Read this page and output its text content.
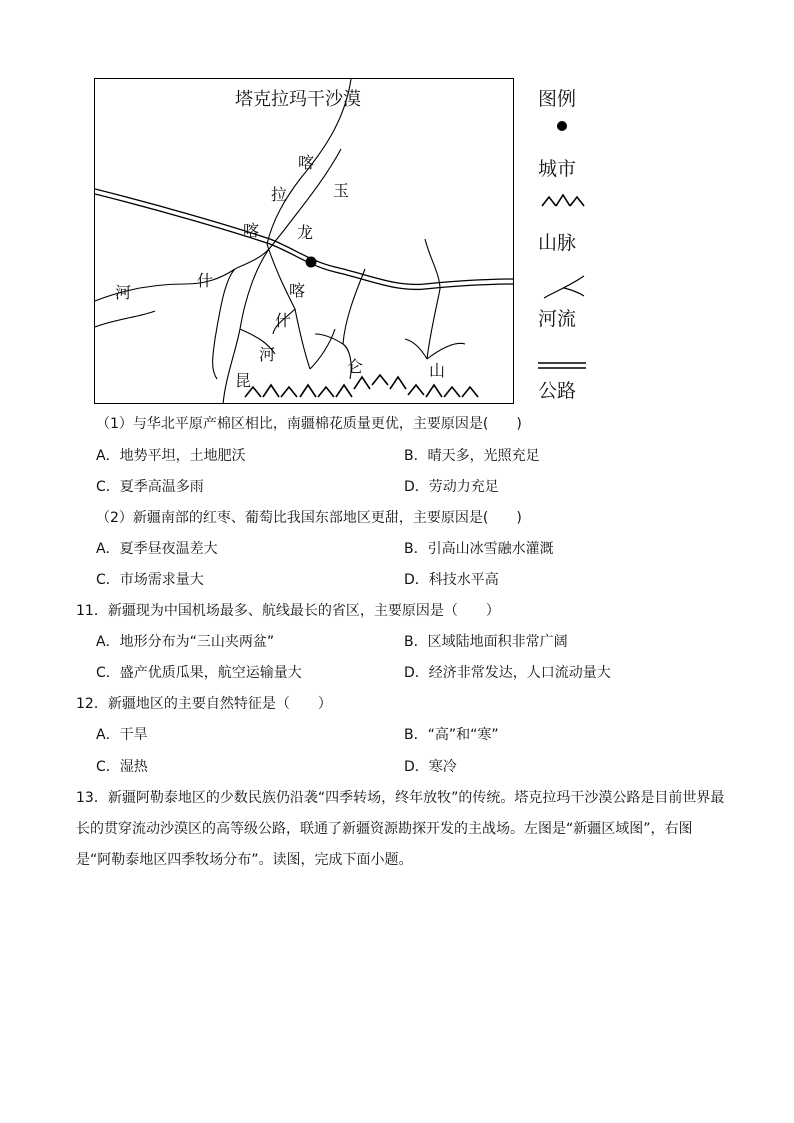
塔克拉玛干沙漠
喀
拉
喀
玉
龙
河
什
喀
什
河
昆
仑	山
图例
城市
山脉
河流
公路
（1）与华北平原产棉区相比，南疆棉花质量更优，主要原因是(　　)
A．地势平坦，土地肥沃	B．晴天多，光照充足
C．夏季高温多雨	D．劳动力充足
（2）新疆南部的红枣、葡萄比我国东部地区更甜，主要原因是(　　)
A．夏季昼夜温差大	B．引高山冰雪融水灌溉
C．市场需求量大	D．科技水平高
11．新疆现为中国机场最多、航线最长的省区，主要原因是（　　）
A．地形分布为“三山夹两盆”	B．区域陆地面积非常广阔
C．盛产优质瓜果，航空运输量大	D．经济非常发达，人口流动量大
12．新疆地区的主要自然特征是（　　）
A．干旱	B．“高”和“寒”
C．湿热	D．寒冷
13．新疆阿勒泰地区的少数民族仍沿袭“四季转场，终年放牧”的传统。塔克拉玛干沙漠公路是目前世界最长的贯穿流动沙漠区的高等级公路，联通了新疆资源勘探开发的主战场。左图是“新疆区域图”，右图是“阿勒泰地区四季牧场分布”。读图，完成下面小题。
